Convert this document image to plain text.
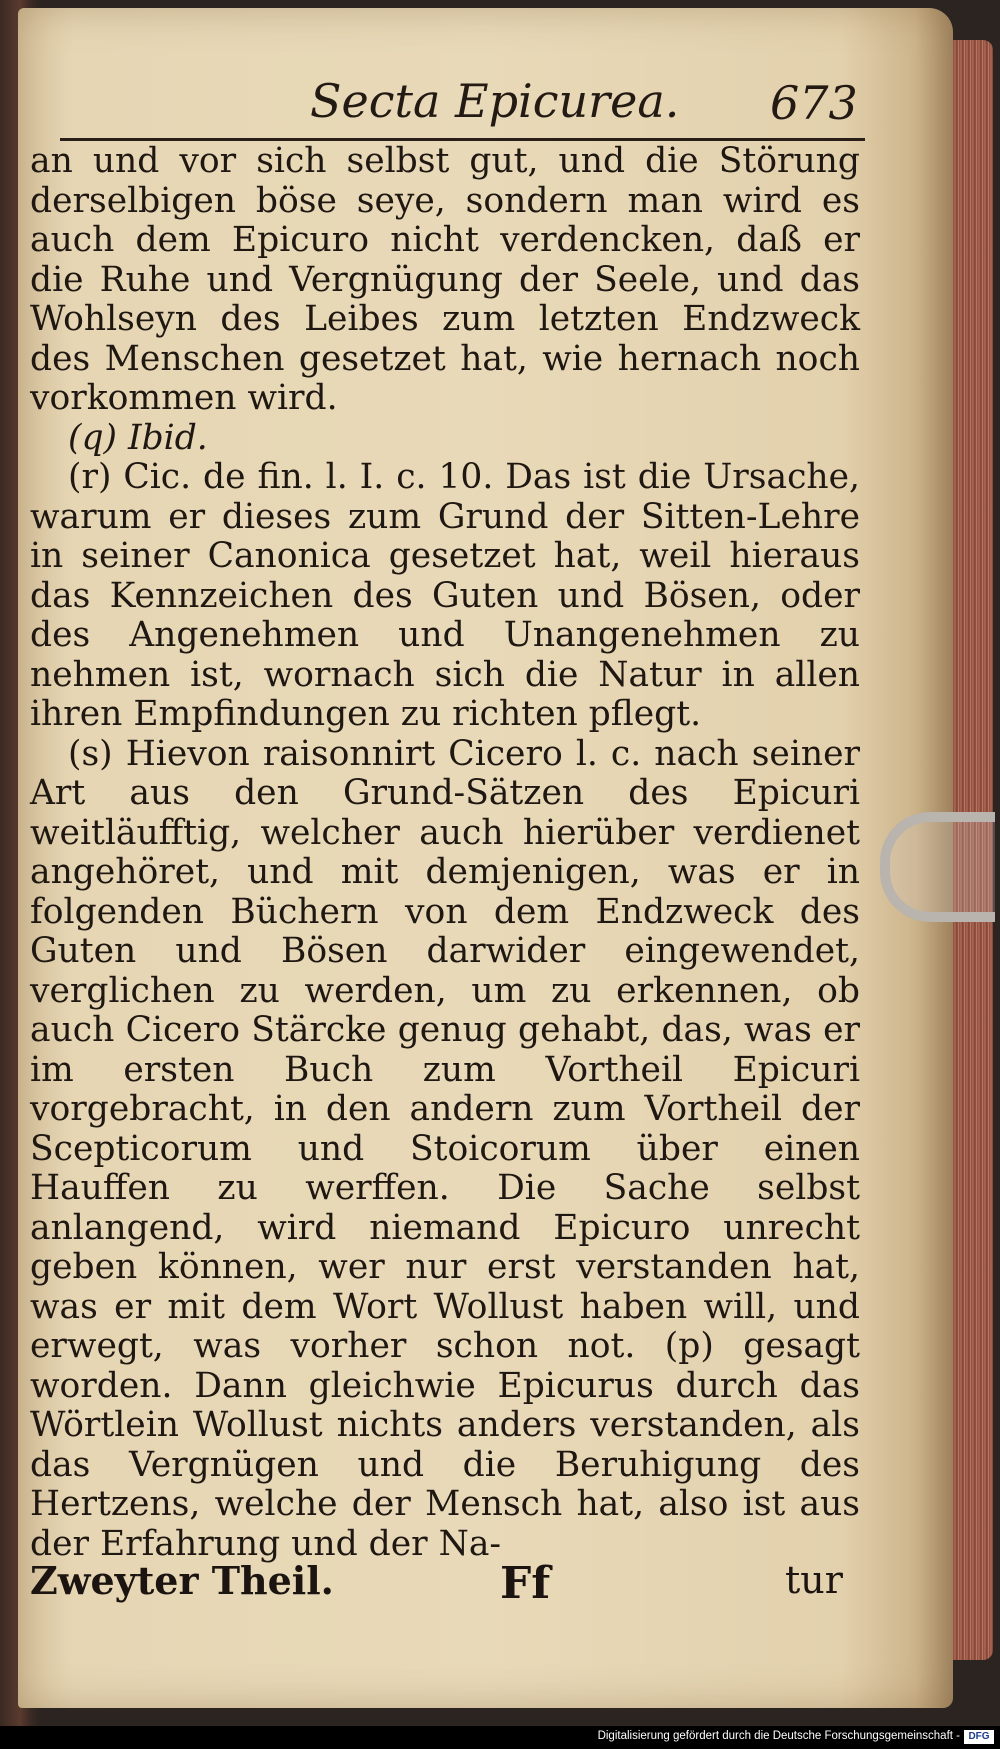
Secta Epicurea. 673

an und vor sich selbst gut, und die Störung derselbigen böse seye, sondern man wird es auch dem Epicuro nicht verdencken, daß er die Ruhe und Vergnügung der Seele, und das Wohlseyn des Leibes zum letzten Endzweck des Menschen gesetzet hat, wie hernach noch vorkommen wird.

(q) Ibid.

(r) Cic. de fin. l. I. c. 10. Das ist die Ursache, warum er dieses zum Grund der Sitten-Lehre in seiner Canonica gesetzet hat, weil hieraus das Kennzeichen des Guten und Bösen, oder des Angenehmen und Unangenehmen zu nehmen ist, wornach sich die Natur in allen ihren Empfindungen zu richten pflegt.

(s) Hievon raisonnirt Cicero l. c. nach seiner Art aus den Grund-Sätzen des Epicuri weitläufftig, welcher auch hierüber verdienet angehöret, und mit demjenigen, was er in folgenden Büchern von dem Endzweck des Guten und Bösen darwider eingewendet, verglichen zu werden, um zu erkennen, ob auch Cicero Stärcke genug gehabt, das, was er im ersten Buch zum Vortheil Epicuri vorgebracht, in den andern zum Vortheil der Scepticorum und Stoicorum über einen Hauffen zu werffen. Die Sache selbst anlangend, wird niemand Epicuro unrecht geben können, wer nur erst verstanden hat, was er mit dem Wort Wollust haben will, und erwegt, was vorher schon not. (p) gesagt worden. Dann gleichwie Epicurus durch das Wörtlein Wollust nichts anders verstanden, als das Vergnügen und die Beruhigung des Hertzens, welche der Mensch hat, also ist aus der Erfahrung und der Na-

Zweyter Theil.	Ff	tur
Digitalisierung gefördert durch die Deutsche Forschungsgemeinschaft - DFG
